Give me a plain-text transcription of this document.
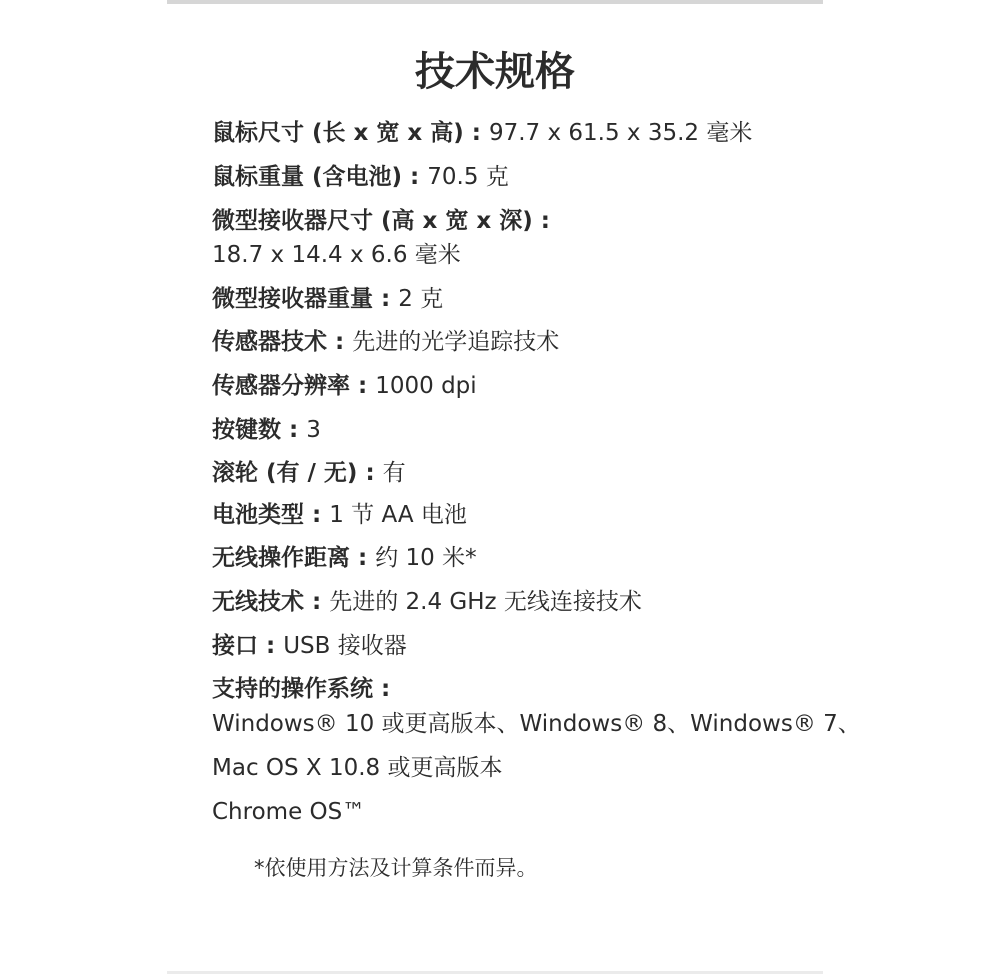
技术规格
鼠标尺寸 (长 x 宽 x 高) : 97.7 x 61.5 x 35.2 毫米
鼠标重量 (含电池) : 70.5 克
微型接收器尺寸 (高 x 宽 x 深) :
18.7 x 14.4 x 6.6 毫米
微型接收器重量 : 2 克
传感器技术 : 先进的光学追踪技术
传感器分辨率 : 1000 dpi
按键数 : 3
滚轮 (有 / 无) : 有
电池类型 : 1 节 AA 电池
无线操作距离 : 约 10 米*
无线技术 : 先进的 2.4 GHz 无线连接技术
接口 : USB 接收器
支持的操作系统 :
Windows® 10 或更高版本、Windows® 8、Windows® 7、
Mac OS X 10.8 或更高版本
Chrome OS™
*依使用方法及计算条件而异。
